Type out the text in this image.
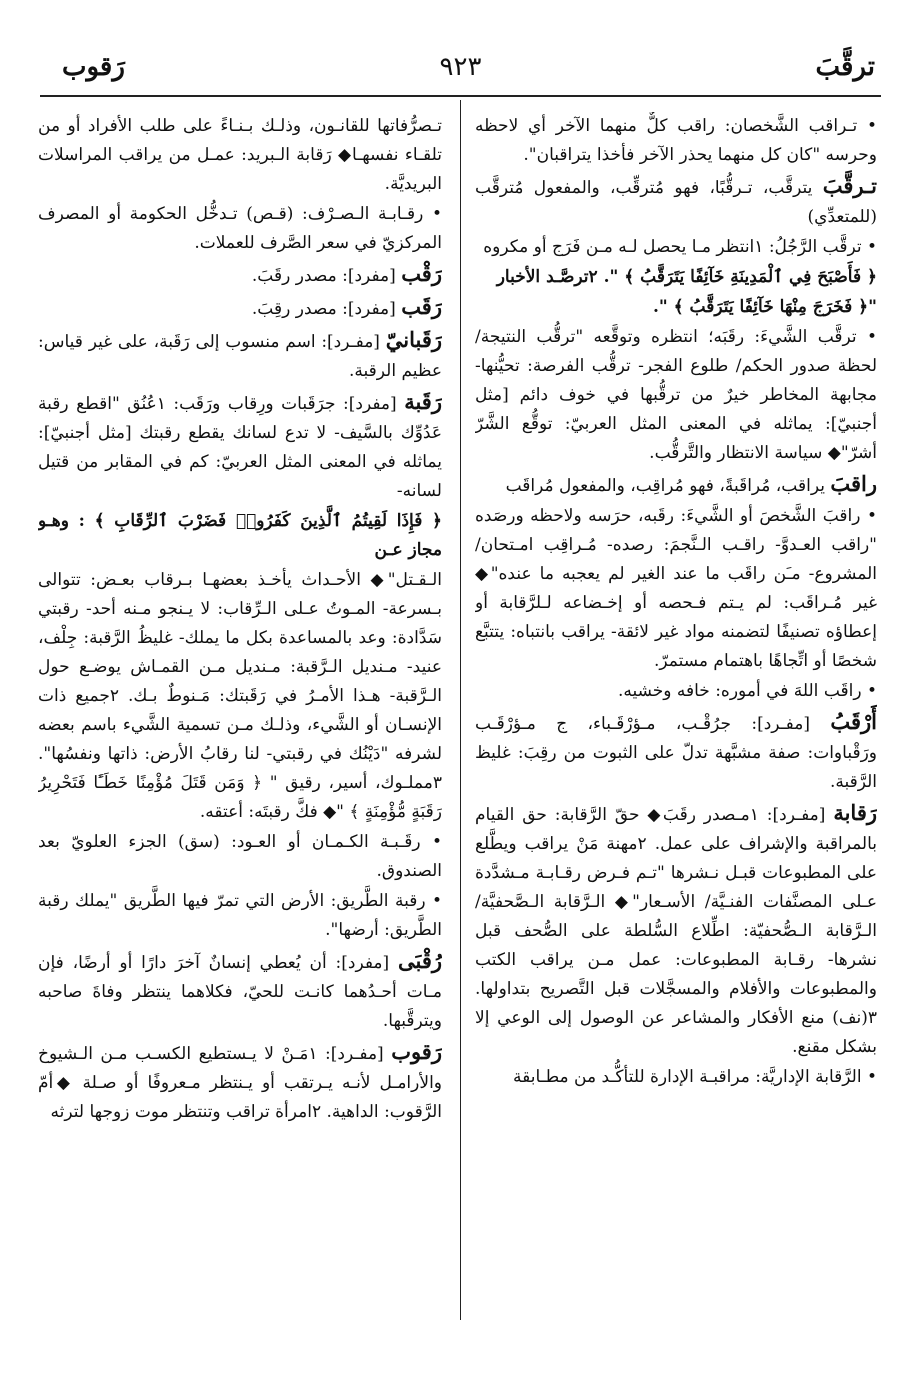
ترقَّبَ
٩٢٣
رَقوب
• تـراقب الشَّخصان: راقب كلٌّ منهما الآخر أي لاحظه وحرسه "كان كل منهما يحذر الآخر فأخذا يتراقبان".
تـرقَّبَ يترقَّب، تـرقُّبًا، فهو مُترقِّب، والمفعول مُترقَّب (للمتعدِّي)
• ترقَّب الرَّجُلُ: ١انتظر مـا يحصل لـه مـن فَرَج أو مكروه
﴿ فَأَصْبَحَ فِي ٱلْمَدِينَةِ خَآئِفًا يَتَرَقَّبُ ﴾ ". ٢ترصَّـد الأخبار
"﴿ فَخَرَجَ مِنْهَا خَآئِفًا يَتَرَقَّبُ ﴾ ".
• ترقَّب الشَّيءَ: رقَبَه؛ انتظره وتوقَّعه "ترقُّب النتيجة/ لحظة صدور الحكم/ طلوع الفجر- ترقُّب الفرصة: تحيُّنها- مجابهة المخاطر خيرٌ من ترقُّبها في خوف دائم [مثل أجنبيّ]: يماثله في المعنى المثل العربيّ: توقُّع الشَّرّ أشرّ"◆ سياسة الانتظار والتَّرقُّب.
راقبَ يراقب، مُراقَبةً، فهو مُراقِب، والمفعول مُراقَب
• راقبَ الشَّخصَ أو الشَّيءَ: رقَبه، حرَسه ولاحظه ورصَده "راقب العـدوَّ- راقـب الـنَّجمَ: رصده- مُـراقِب امـتحان/ المشروع- مـَن راقَب ما عند الغير لم يعجبه ما عنده"◆ غير مُـراقَب: لم يـتم فـحصه أو إخـضاعه لـلرَّقابة أو إعطاؤه تصنيفًا لتضمنه مواد غير لائقة- يراقب بانتباه: يتتبَّع شخصًا أو اتِّجاهًا باهتمام مستمرّ.
• راقَب اللهَ في أموره: خافه وخشيه.
أَرْقَبُ [مفـرد]: جرُقْـب، مـؤرْقَـباء، ج مـؤرْقَـب ورَقْباوات: صفة مشبَّهة تدلّ على الثبوت من رقِبَ: غليظ الرَّقبة.
رَقابة [مفـرد]: ١مـصدر رقَبَ◆ حقّ الرَّقابة: حق القيام بالمراقبة والإشراف على عمل. ٢مهنة مَنْ يراقب ويطَّلع على المطبوعات قبـل نـشرها "تـم فـرض رقـابـة مـشدَّدة عـلى المصنَّفات الفنـيَّة/ الأسـعار"◆ الـرَّقابة الـصَّحفيَّة/ الـرَّقابة الـصُّحفيّة: اطِّلاع السُّلطة على الصُّحف قبل نشرها- رقـابة المطبوعات: عمل مـن يراقب الكتب والمطبوعات والأفلام والمسجَّلات قبل التَّصريح بتداولها. ٣(نف) منع الأفكار والمشاعر عن الوصول إلى الوعي إلا بشكل مقنع.
• الرَّقابة الإداريَّة: مراقبـة الإدارة للتأكُّـد من مطـابقة
تـصرُّفاتها للقانـون، وذلـك بـنـاءً على طلب الأفراد أو من تلقـاء نفسهـا◆ رَقابة الـبريد: عمـل من يراقب المراسلات البريديَّة.
• رقـابـة الـصـرْف: (قـص) تـدخُّل الحكومة أو المصرف المركزيّ في سعر الصَّرف للعملات.
رَقْب [مفرد]: مصدر رقَبَ.
رَقَب [مفرد]: مصدر رقِبَ.
رَقَبانيّ [مفـرد]: اسم منسوب إلى رَقَبة، على غير قياس: عظيم الرقبة.
رَقَبة [مفرد]: جرَقَبات ورِقاب ورَقَب: ١عُنُق "اقطع رقبة عَدُوِّك بالسَّيف- لا تدع لسانك يقطع رقبتك [مثل أجنبيّ]: يماثله في المعنى المثل العربيّ: كم في المقابر من قتيل لسانه-
﴿ فَإِذَا لَقِيتُمُ ٱلَّذِينَ كَفَرُوا۟ فَضَرْبَ ٱلرِّقَابِ ﴾ : وهـو مجاز عـن
الـقـتل"◆ الأحـداث يأخـذ بعضهـا بـرقاب بعـض: تتوالى بـسرعة- المـوتُ عـلى الـرِّقاب: لا يـنجو مـنه أحد- رقبتي سَدَّادة: وعد بالمساعدة بكل ما يملك- غليظُ الرَّقبة: جِلْف، عنيد- مـنديل الـرَّقبة: مـنديل مـن القمـاش يوضـع حول الـرَّقبة- هـذا الأمـرُ في رَقَبتك: مَـنوطٌ بـك. ٢جميع ذات الإنسـان أو الشَّيء، وذلـك مـن تسمية الشَّيء باسم بعضه لشرفه "دَيْنُك في رقبتي- لنا رقابُ الأرض: ذاتها ونفسُها". ٣مملـوك، أسير، رقيق " ﴿ وَمَن قَتَلَ مُؤْمِنًا خَطَـًٔا فَتَحْرِيرُ رَقَبَةٍ مُّؤْمِنَةٍ ﴾ "◆ فكَّ رقبتَه: أعتقه.
• رقَـبـة الكـمـان أو العـود: (سق) الجزء العلويّ بعد الصندوق.
• رقبة الطَّريق: الأرض التي تمرّ فيها الطَّريق "يملك رقبة الطَّريق: أرضها".
رُقْبَى [مفرد]: أن يُعطي إنسانٌ آخرَ دارًا أو أرضًا، فإن مـات أحـدُهما كانـت للحيّ، فكلاهما ينتظر وفاةَ صاحبه ويترقَّبها.
رَقوب [مفـرد]: ١مَـنْ لا يـستطيع الكسـب مـن الـشيوخ والأرامـل لأنـه يـرتقب أو يـنتظر مـعروفًا أو صـلة ◆أمّ الرَّقوب: الداهية. ٢امرأة تراقب وتنتظر موت زوجها لترثه
